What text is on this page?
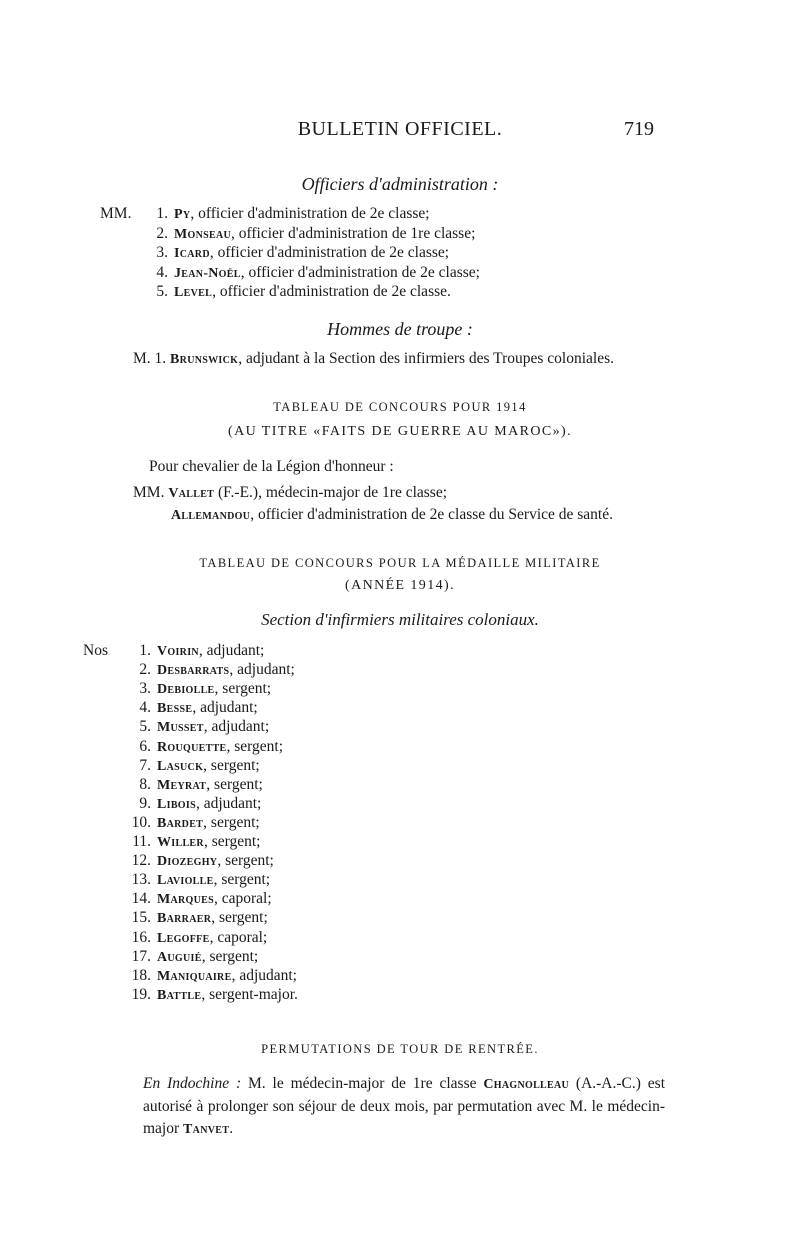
BULLETIN OFFICIEL.	719
Officiers d'administration :
MM. 1. Py, officier d'administration de 2e classe;
2. Monseau, officier d'administration de 1re classe;
3. Icard, officier d'administration de 2e classe;
4. Jean-Noël, officier d'administration de 2e classe;
5. Level, officier d'administration de 2e classe.
Hommes de troupe :
M. 1. Brunswick, adjudant à la Section des infirmiers des Troupes coloniales.
TABLEAU DE CONCOURS POUR 1914
(AU TITRE «FAITS DE GUERRE AU MAROC»).
Pour chevalier de la Légion d'honneur :
MM. Vallet (F.-E.), médecin-major de 1re classe;
Allemandou, officier d'administration de 2e classe du Service de santé.
TABLEAU DE CONCOURS POUR LA MÉDAILLE MILITAIRE
(ANNÉE 1914).
Section d'infirmiers militaires coloniaux.
Nos 1. Voirin, adjudant;
2. Desbarrats, adjudant;
3. Debiolle, sergent;
4. Besse, adjudant;
5. Musset, adjudant;
6. Rouquette, sergent;
7. Lasuck, sergent;
8. Meyrat, sergent;
9. Libois, adjudant;
10. Bardet, sergent;
11. Willer, sergent;
12. Diozeghy, sergent;
13. Laviolle, sergent;
14. Marques, caporal;
15. Barraer, sergent;
16. Legoffe, caporal;
17. Auguié, sergent;
18. Maniquaire, adjudant;
19. Battle, sergent-major.
PERMUTATIONS DE TOUR DE RENTRÉE.
En Indochine : M. le médecin-major de 1re classe Chagnolleau (A.-A.-C.) est autorisé à prolonger son séjour de deux mois, par permutation avec M. le médecin-major Tanvet.
